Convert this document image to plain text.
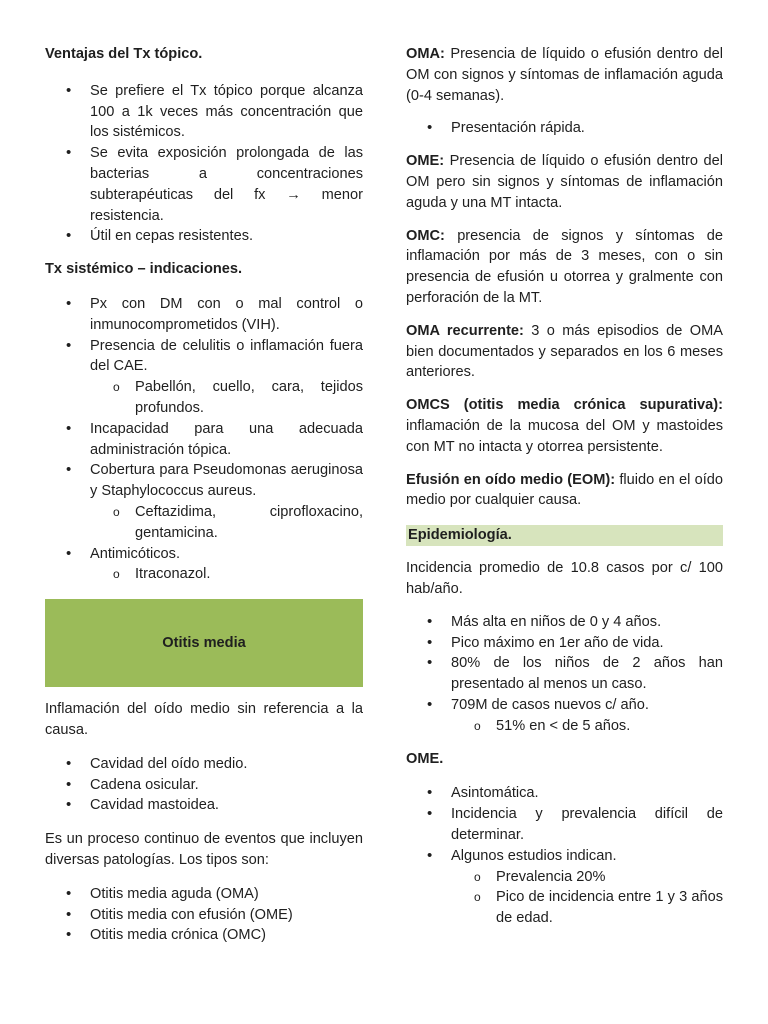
Ventajas del Tx tópico.

• Se prefiere el Tx tópico porque alcanza 100 a 1k veces más concentración que los sistémicos.
• Se evita exposición prolongada de las bacterias a concentraciones subterapéuticas del fx → menor resistencia.
• Útil en cepas resistentes.

Tx sistémico – indicaciones.

• Px con DM con o mal control o inmunocomprometidos (VIH).
• Presencia de celulitis o inflamación fuera del CAE.
o Pabellón, cuello, cara, tejidos profundos.
• Incapacidad para una adecuada administración tópica.
• Cobertura para Pseudomonas aeruginosa y Staphylococcus aureus.
o Ceftazidima, ciprofloxacino, gentamicina.
• Antimicóticos.
o Itraconazol.
Otitis media

Inflamación del oído medio sin referencia a la causa.

• Cavidad del oído medio.
• Cadena osicular.
• Cavidad mastoidea.

Es un proceso continuo de eventos que incluyen diversas patologías. Los tipos son:

• Otitis media aguda (OMA)
• Otitis media con efusión (OME)
• Otitis media crónica (OMC)

OMA: Presencia de líquido o efusión dentro del OM con signos y síntomas de inflamación aguda (0-4 semanas).

• Presentación rápida.

OME: Presencia de líquido o efusión dentro del OM pero sin signos y síntomas de inflamación aguda y una MT intacta.

OMC: presencia de signos y síntomas de inflamación por más de 3 meses, con o sin presencia de efusión u otorrea y gralmente con perforación de la MT.

OMA recurrente: 3 o más episodios de OMA bien documentados y separados en los 6 meses anteriores.

OMCS (otitis media crónica supurativa): inflamación de la mucosa del OM y mastoides con MT no intacta y otorrea persistente.

Efusión en oído medio (EOM): fluido en el oído medio por cualquier causa.

Epidemiología.

Incidencia promedio de 10.8 casos por c/ 100 hab/año.

• Más alta en niños de 0 y 4 años.
• Pico máximo en 1er año de vida.
• 80% de los niños de 2 años han presentado al menos un caso.
• 709M de casos nuevos c/ año.
o 51% en < de 5 años.

OME.

• Asintomática.
• Incidencia y prevalencia difícil de determinar.
• Algunos estudios indican.
o Prevalencia 20%
o Pico de incidencia entre 1 y 3 años de edad.
